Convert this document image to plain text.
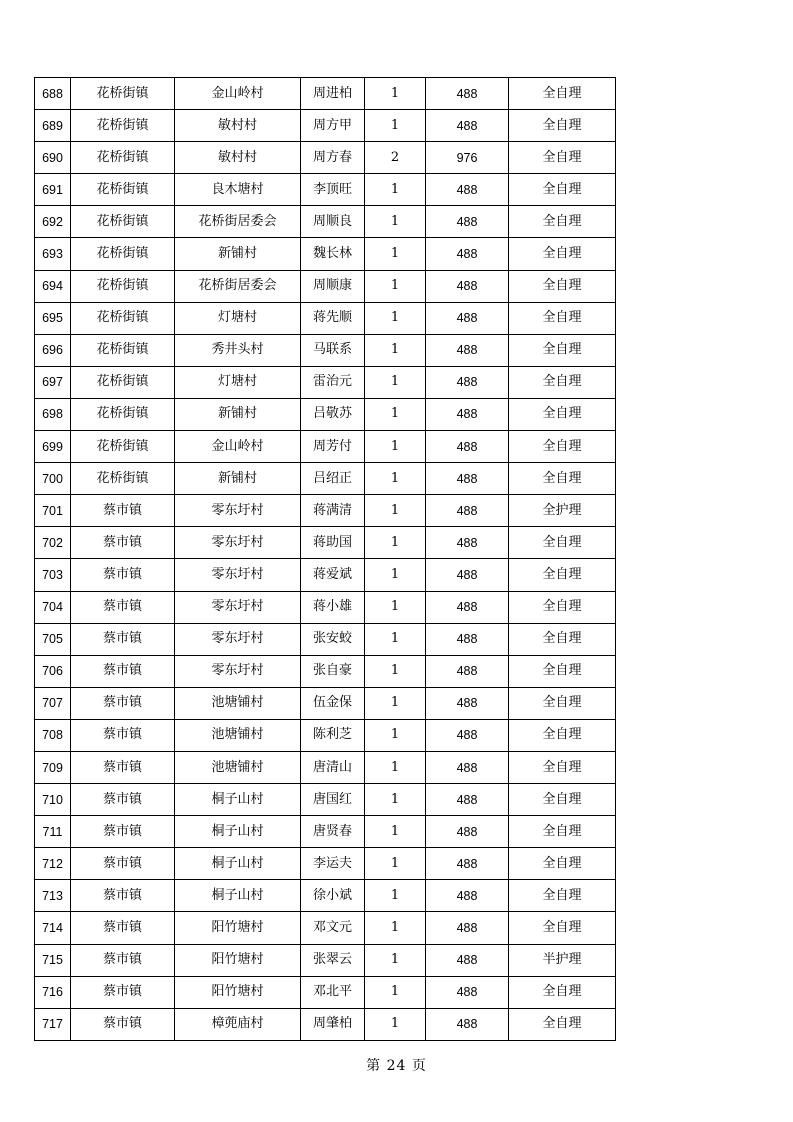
688	花桥街镇	金山岭村	周进柏	1	488	全自理
689	花桥街镇	敏村村	周方甲	1	488	全自理
690	花桥街镇	敏村村	周方春	2	976	全自理
691	花桥街镇	良木塘村	李顶旺	1	488	全自理
692	花桥街镇	花桥街居委会	周顺良	1	488	全自理
693	花桥街镇	新铺村	魏长林	1	488	全自理
694	花桥街镇	花桥街居委会	周顺康	1	488	全自理
695	花桥街镇	灯塘村	蒋先顺	1	488	全自理
696	花桥街镇	秀井头村	马联系	1	488	全自理
697	花桥街镇	灯塘村	雷治元	1	488	全自理
698	花桥街镇	新铺村	吕敬苏	1	488	全自理
699	花桥街镇	金山岭村	周芳付	1	488	全自理
700	花桥街镇	新铺村	吕绍正	1	488	全自理
701	蔡市镇	零东圩村	蒋满清	1	488	全护理
702	蔡市镇	零东圩村	蒋助国	1	488	全自理
703	蔡市镇	零东圩村	蒋爱斌	1	488	全自理
704	蔡市镇	零东圩村	蒋小雄	1	488	全自理
705	蔡市镇	零东圩村	张安蛟	1	488	全自理
706	蔡市镇	零东圩村	张自豪	1	488	全自理
707	蔡市镇	池塘铺村	伍金保	1	488	全自理
708	蔡市镇	池塘铺村	陈利芝	1	488	全自理
709	蔡市镇	池塘铺村	唐清山	1	488	全自理
710	蔡市镇	桐子山村	唐国红	1	488	全自理
711	蔡市镇	桐子山村	唐贤春	1	488	全自理
712	蔡市镇	桐子山村	李运夫	1	488	全自理
713	蔡市镇	桐子山村	徐小斌	1	488	全自理
714	蔡市镇	阳竹塘村	邓文元	1	488	全自理
715	蔡市镇	阳竹塘村	张翠云	1	488	半护理
716	蔡市镇	阳竹塘村	邓北平	1	488	全自理
717	蔡市镇	樟蔸庙村	周肇柏	1	488	全自理
第 24 页
